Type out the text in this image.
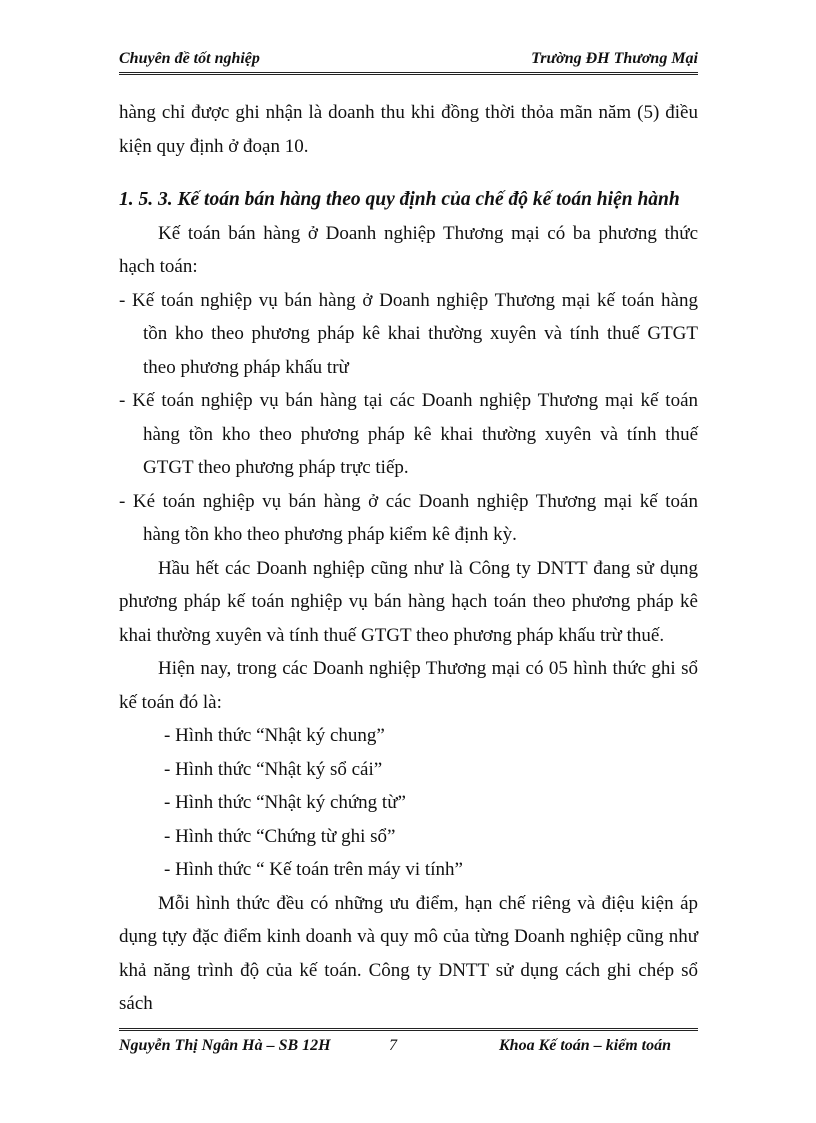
Chuyên đề tốt nghiệp	Trường ĐH Thương Mại

hàng chỉ được ghi nhận là doanh thu khi đồng thời thỏa mãn năm (5) điều kiện quy định ở đoạn 10.

1. 5. 3. Kế toán bán hàng theo quy định của chế độ kế toán hiện hành

Kế toán bán hàng ở Doanh nghiệp Thương mại có ba phương thức hạch toán:

- Kế toán nghiệp vụ bán hàng ở Doanh nghiệp Thương mại kế toán hàng tồn kho theo phương pháp kê khai thường xuyên và tính thuế GTGT theo phương pháp khấu trừ

- Kế toán nghiệp vụ bán hàng tại các Doanh nghiệp Thương mại kế toán hàng tồn kho theo phương pháp kê khai thường xuyên và tính thuế GTGT theo phương pháp trực tiếp.

- Ké toán nghiệp vụ bán hàng ở các Doanh nghiệp Thương mại kế toán hàng tồn kho theo phương pháp kiểm kê định kỳ.

Hầu hết các Doanh nghiệp cũng như là Công ty DNTT đang sử dụng phương pháp kế toán nghiệp vụ bán hàng hạch toán theo phương pháp kê khai thường xuyên và tính thuế GTGT theo phương pháp khấu trừ thuế.

Hiện nay, trong các Doanh nghiệp Thương mại có 05 hình thức ghi sổ kế toán đó là:

- Hình thức “Nhật ký chung”

- Hình thức “Nhật ký sổ cái”

- Hình thức “Nhật ký chứng từ”

- Hình thức “Chứng từ ghi sổ”

- Hình thức “ Kế toán trên máy vi tính”

Mỗi hình thức đều có những ưu điểm, hạn chế riêng và điệu kiện áp dụng tựy đặc điểm kinh doanh và quy mô của từng Doanh nghiệp cũng như khả năng trình độ của kế toán. Công ty DNTT sử dụng cách ghi chép sổ sách

Nguyễn Thị Ngân Hà – SB 12H	7	Khoa Kế toán – kiểm toán
